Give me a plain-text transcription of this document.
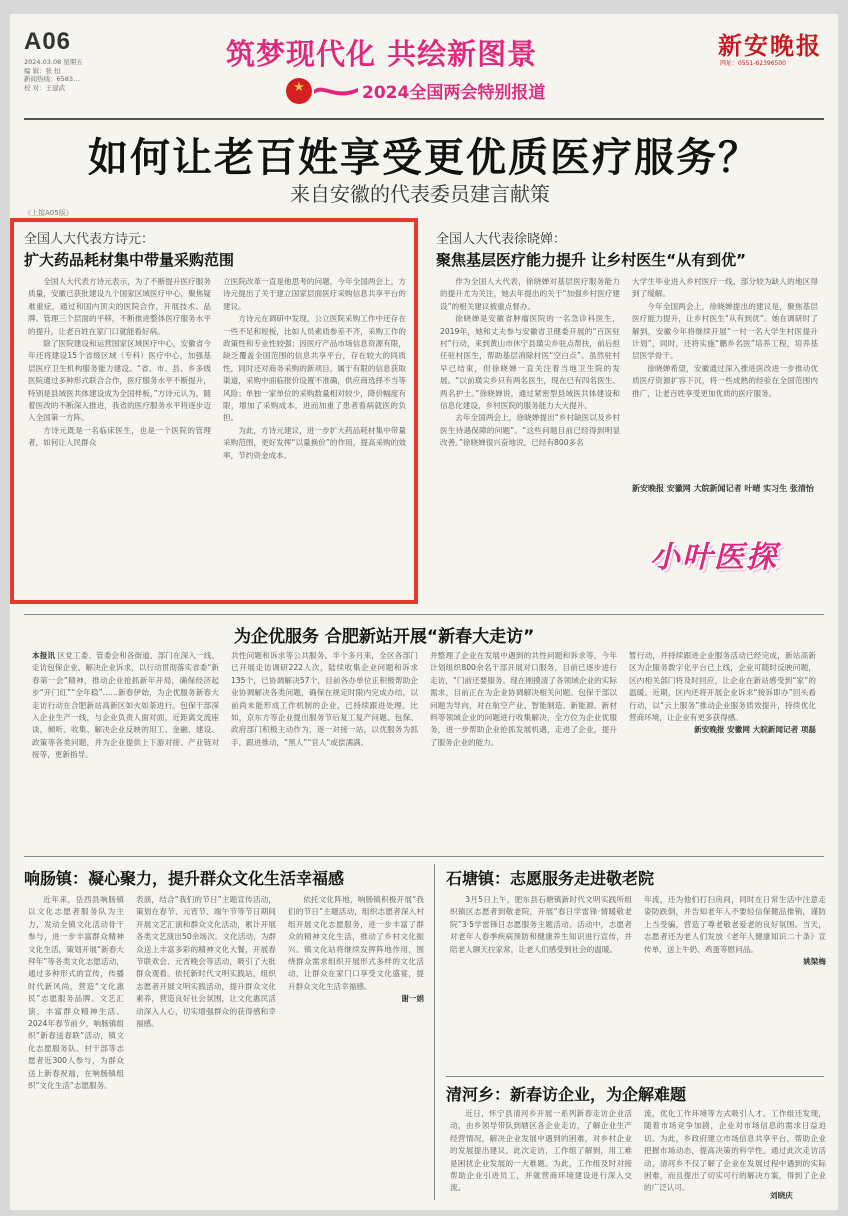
A06
2024.03.08 星期五
编 辑：张 恒
新闻热线：6583…
校 对：王建武
筑梦现代化 共绘新图景
★	2024全国两会特别报道
新安晚报
网址：0551-62396500
如何让老百姓享受更优质医疗服务？
来自安徽的代表委员建言献策
《上接A05版》
全国人大代表方诗元：
扩大药品耗材集中带量采购范围

全国人大代表方诗元表示，为了不断提升医疗服务质量，安徽已获批建设九个国家区域医疗中心，聚焦疑难重症，通过和国内顶尖的医院合作，开展技术、品牌、管理三个层面的平移，不断推进整体医疗服务水平的提升，让老百姓在家门口就能看好病。

除了医院建设和运营国家区域医疗中心，安徽省今年还将建设15个省级区域（专科）医疗中心，加强基层医疗卫生机构服务能力建设。“省、市、县、乡多级医院通过多种形式联合合作，医疗服务水平不断提升，特别是县域医共体建设成为全国样板，”方诗元认为，随着医改的不断深入推进，我省的医疗服务水平将逐步迈入全国第一方阵。

方诗元既是一名临床医生，也是一个医院的管理者，如何让人民群众

立医院改革一直是他思考的问题。今年全国两会上，方诗元提出了关于建立国家层面医疗采购信息共享平台的建议。

方诗元在调研中发现，公立医院采购工作中还存在一些不足和短板，比如人员素质参差不齐，采购工作的政策性和专业性较强；因医疗产品市场信息资源有限，缺乏覆盖全国范围的信息共享平台，存在较大的同质性，同时还对商务采购的新项目，属于有限的信息获取渠道，采购中面临报价设置不准确，供应商选择不当等风险；单独一家单位的采购数量相对较少，降价幅度有限，增加了采购成本，进而加重了患者看病就医的负担。

为此，方诗元建议，进一步扩大药品耗材集中带量采购范围，更好发挥“以量换价”的作用，提高采购的效率，节约资金成本。

全国人大代表徐晓婵：
聚焦基层医疗能力提升 让乡村医生“从有到优”

作为全国人大代表，徐晓婵对基层医疗服务能力的提升尤为关注，她去年提出的关于“加强乡村医疗建设”的相关建议被重点督办。

徐晓婵是安徽省肿瘤医院的一名急诊科医生，2019年，她和丈夫参与安徽省卫健委开展的“百医驻村”行动，来到黄山市休宁县璜尖乡驻点帮扶，前后担任驻村医生，帮助基层消除村医“空白点”。虽然驻村早已结束，但徐晓婵一直关注着当地卫生院的发展。“以前璜尖乡只有两名医生，现在已有四名医生、两名护士。”徐晓婵说，通过紧密型县域医共体建设和信息化建设，乡村医院的服务能力大大提升。

去年全国两会上，徐晓婵提出“乡村缺医以及乡村医生待遇保障的问题”。“这些问题目前已经得到明显改善。”徐晓婵很兴奋地说，已经有800多名

大学生毕业进入乡村医疗一线，部分较为缺人的地区得到了缓解。

今年全国两会上，徐晓婵提出的建议是，聚焦基层医疗能力提升，让乡村医生“从有到优”。她在调研时了解到，安徽今年将继续开展“一村一名大学生村医提升计划”，同时，还将实施“鹏乡名医”培养工程，培养基层医学骨干。

徐晓婵希望，安徽通过深入推进医改进一步推动优质医疗资源扩容下沉，将一些成熟的经验在全国范围内推广，让老百姓享受更加优质的医疗服务。

新安晚报 安徽网 大皖新闻记者 叶晴 实习生 张清怡
小叶医探
为企优服务 合肥新站开展“新春大走访”

本报讯 区党工委、管委会和各街道、部门在深入一线、走访包保企业、解决企业诉求，以行动贯彻落实省委“新春第一会”精神，推动企业抢抓新年开局，确保经济起步“开门红”“全年稳”……新春伊始，为企优服务新春大走访行动在合肥新站高新区如火如荼进行。包保干部深入企业生产一线，与企业负责人面对面，近距离交流座谈，倾听、收集、解决企业反映的用工、金融、建设、政策等各类问题，并为企业提供上下游对接、产业链对接等，更新指导。

共性问题和诉求等公共服务。半个多月来，全区各部门已开展走访调研222人次，陆续收集企业问题和诉求135个，已协调解决57个，目前各办单位正积极帮助企业协调解决各类问题，确保在规定时限内完成办结，以前尚未能形成工作机制的企业，已持续跟进处理。比如，京东方等企业提出服务节后复工复产问题。包保、政府部门积极主动作为，逐一对接一站，以优服务为抓手，跟进推动，“黑人”“官人”或偿满满。

并整理了企业在发展中遇到的共性问题和诉求等，今年计划组织800余名干部开展对口服务，目前已逐步进行走访，“门前还要服务。现在刚摸清了各领域企业的实际需求，目前正在为企业协调解决相关问题。包保干部以问题为导向，对在航空产业、智能制造、新能源、新材料等领域企业的问题进行收集解决，全方位为企业优服务，进一步帮助企业抢抓发展机遇，走进了企业，提升了服务企业的能力。

暂行动，并持续跟进企业服务活动已经完成，新站高新区为企服务数字化平台已上线，企业可随时反映问题，区内相关部门将及时回应，让企业在新站感受到“家”的温暖。近期，区内还将开展企业诉求“接诉即办”回头看行动，以“云上服务”推动企业服务质效提升，持续优化营商环境，让企业有更多获得感。

新安晚报 安徽网 大皖新闻记者 项磊

响肠镇：凝心聚力，提升群众文化生活幸福感

近年来，岳西县响肠镇以文化志愿者服务队为主力，发动全镇文化活动骨干参与，进一步丰富群众精神文化生活，策划开展“新春大拜年”等各类文化志愿活动，通过多种形式的宣传，传播时代新风尚，营造“文化惠民”志愿服务品牌。文艺汇演，丰富群众精神生活。2024年春节前夕，响肠镇组织“新春送春联”活动，镇文化志愿服务队、村干部等志愿者近300人参与，为群众送上新春祝福，在响肠镇组织“文化生活”志愿服务。

表演，结合“我们的节日”主题宣传活动，策划在春节、元宵节、端午节等节日期间开展文艺汇演和群众文化活动，累计开展各类文艺演出50余场次。文化活动，为群众送上丰富多彩的精神文化大餐，开展春节联欢会、元宵晚会等活动，吸引了大批群众观看。依托新时代文明实践站，组织志愿者开展文明实践活动，提升群众文化素养，营造良好社会氛围，让文化惠民活动深入人心，切实增强群众的获得感和幸福感。

依托文化阵地，响肠镇积极开展“我们的节日”主题活动，组织志愿者深入村组开展文化志愿服务，进一步丰富了群众的精神文化生活，推动了乡村文化振兴。镇文化站将继续发挥阵地作用，围绕群众需求组织开展形式多样的文化活动，让群众在家门口享受文化盛宴，提升群众文化生活幸福感。

谢一娟

石塘镇：志愿服务走进敬老院

3月5日上午，肥东县石塘镇新时代文明实践所组织镇区志愿者到敬老院，开展“春日学雷锋·情暖敬老院”3·5学雷锋日志愿服务主题活动。活动中，志愿者对老年人春季疾病预防和健康养生知识进行宣传，并陪老人聊天拉家常，让老人们感受到社会的温暖。

年流，还为他们打扫房间，同时在日常生活中注意走姿防跌倒，并告知老年人不要轻信保健品推销，谨防上当受骗，营造了尊老敬老爱老的良好氛围。当天，志愿者还为老人们发放《老年人健康知识二十条》宣传单，送上牛奶、鸡蛋等慰问品。

姚梁梅

清河乡：新春访企业，为企解难题

近日，怀宁县清河乡开展一系列新春走访企业活动，由乡领导带队到辖区各企业走访，了解企业生产经营情况，解决企业发展中遇到的困难，对乡村企业的发展提出建议。此次走访，工作组了解到，用工难是困扰企业发展的一大难题。为此，工作组及时对接帮助企业引进员工，并就营商环境建设进行深入交流。

流，优化工作环境等方式吸引人才。工作组还发现，随着市场竞争加剧，企业对市场信息的需求日益迫切。为此，乡政府建立市场信息共享平台，帮助企业把握市场动态，提高决策的科学性。通过此次走访活动，清河乡不仅了解了企业在发展过程中遇到的实际困难，而且提出了切实可行的解决方案，得到了企业的广泛认可。

刘晓庆
